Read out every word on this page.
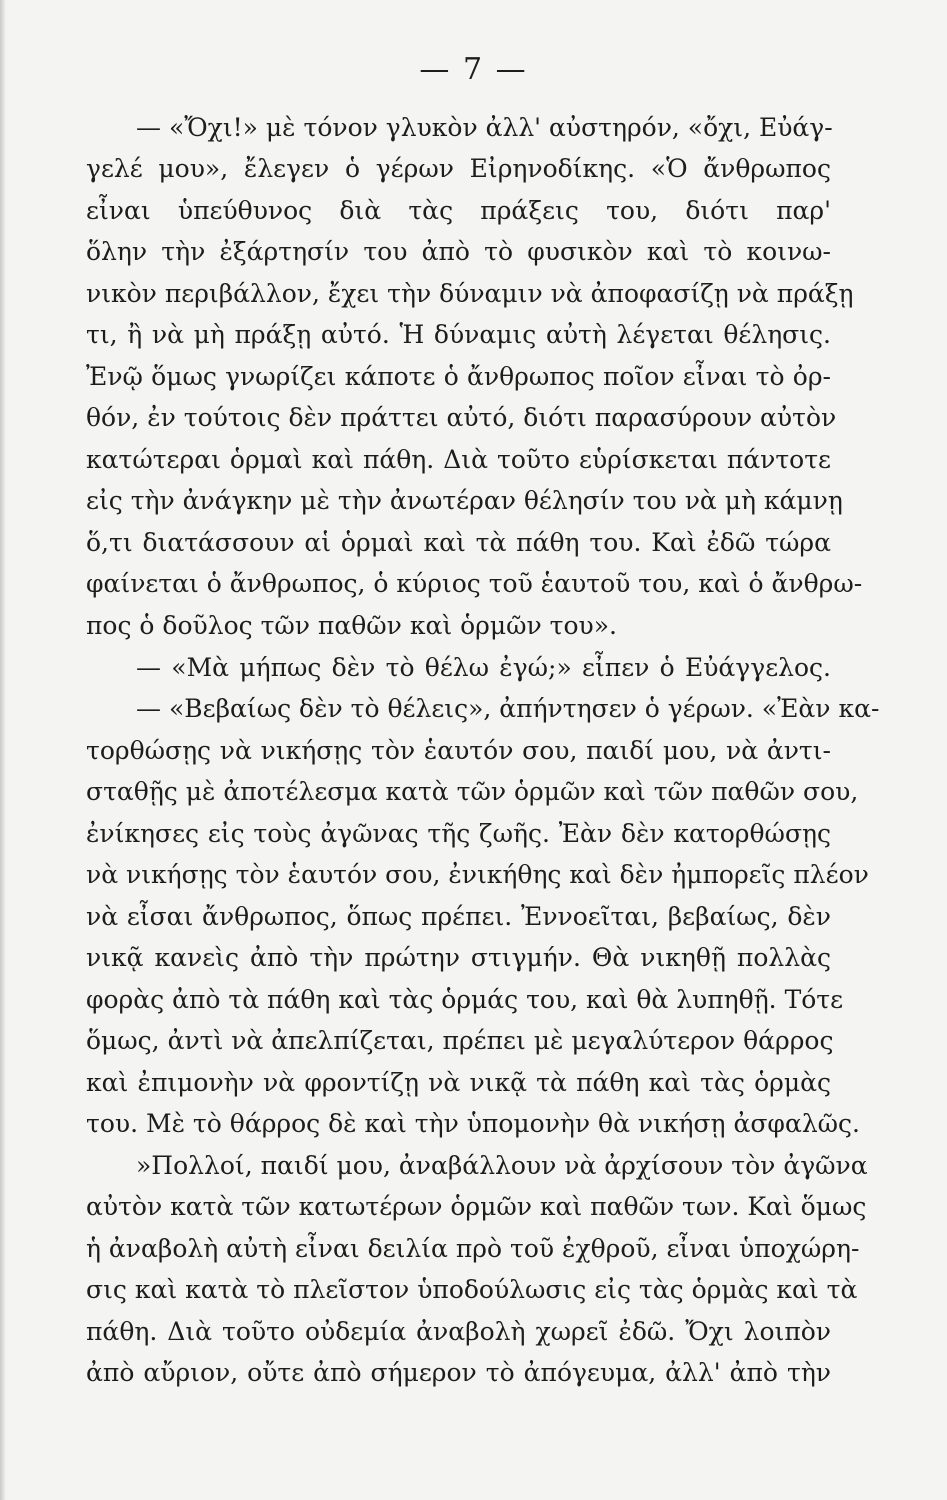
— 7 —
— «Ὄχι!» μὲ τόνον γλυκὸν ἀλλ' αὐστηρόν, «ὄχι, Εὐάγ-
γελέ μου», ἔλεγεν ὁ γέρων Εἰρηνοδίκης. «Ὁ ἄνθρωπος
εἶναι ὑπεύθυνος διὰ τὰς πράξεις του, διότι παρ'
ὅλην τὴν ἐξάρτησίν του ἀπὸ τὸ φυσικὸν καὶ τὸ κοινω-
νικὸν περιβάλλον, ἔχει τὴν δύναμιν νὰ ἀποφασίζῃ νὰ πράξῃ
τι, ἢ νὰ μὴ πράξῃ αὐτό. Ἡ δύναμις αὐτὴ λέγεται θέλησις.
Ἐνῷ ὅμως γνωρίζει κάποτε ὁ ἄνθρωπος ποῖον εἶναι τὸ ὀρ-
θόν, ἐν τούτοις δὲν πράττει αὐτό, διότι παρασύρουν αὐτὸν
κατώτεραι ὁρμαὶ καὶ πάθη. Διὰ τοῦτο εὑρίσκεται πάντοτε
εἰς τὴν ἀνάγκην μὲ τὴν ἀνωτέραν θέλησίν του νὰ μὴ κάμνῃ
ὅ,τι διατάσσουν αἱ ὁρμαὶ καὶ τὰ πάθη του. Καὶ ἐδῶ τώρα
φαίνεται ὁ ἄνθρωπος, ὁ κύριος τοῦ ἑαυτοῦ του, καὶ ὁ ἄνθρω-
πος ὁ δοῦλος τῶν παθῶν καὶ ὁρμῶν του».
— «Μὰ μήπως δὲν τὸ θέλω ἐγώ;» εἶπεν ὁ Εὐάγγελος.
— «Βεβαίως δὲν τὸ θέλεις», ἀπήντησεν ὁ γέρων. «Ἐὰν κα-
τορθώσῃς νὰ νικήσῃς τὸν ἑαυτόν σου, παιδί μου, νὰ ἀντι-
σταθῇς μὲ ἀποτέλεσμα κατὰ τῶν ὁρμῶν καὶ τῶν παθῶν σου,
ἐνίκησες εἰς τοὺς ἀγῶνας τῆς ζωῆς. Ἐὰν δὲν κατορθώσῃς
νὰ νικήσῃς τὸν ἑαυτόν σου, ἐνικήθης καὶ δὲν ἠμπορεῖς πλέον
νὰ εἶσαι ἄνθρωπος, ὅπως πρέπει. Ἐννοεῖται, βεβαίως, δὲν
νικᾷ κανεὶς ἀπὸ τὴν πρώτην στιγμήν. Θὰ νικηθῇ πολλὰς
φορὰς ἀπὸ τὰ πάθη καὶ τὰς ὁρμάς του, καὶ θὰ λυπηθῇ. Τότε
ὅμως, ἀντὶ νὰ ἀπελπίζεται, πρέπει μὲ μεγαλύτερον θάρρος
καὶ ἐπιμονὴν νὰ φροντίζῃ νὰ νικᾷ τὰ πάθη καὶ τὰς ὁρμὰς
του. Μὲ τὸ θάρρος δὲ καὶ τὴν ὑπομονὴν θὰ νικήσῃ ἀσφαλῶς.
»Πολλοί, παιδί μου, ἀναβάλλουν νὰ ἀρχίσουν τὸν ἀγῶνα
αὐτὸν κατὰ τῶν κατωτέρων ὁρμῶν καὶ παθῶν των. Καὶ ὅμως
ἡ ἀναβολὴ αὐτὴ εἶναι δειλία πρὸ τοῦ ἐχθροῦ, εἶναι ὑποχώρη-
σις καὶ κατὰ τὸ πλεῖστον ὑποδούλωσις εἰς τὰς ὁρμὰς καὶ τὰ
πάθη. Διὰ τοῦτο οὐδεμία ἀναβολὴ χωρεῖ ἐδῶ. Ὄχι λοιπὸν
ἀπὸ αὔριον, οὔτε ἀπὸ σήμερον τὸ ἀπόγευμα, ἀλλ' ἀπὸ τὴν
